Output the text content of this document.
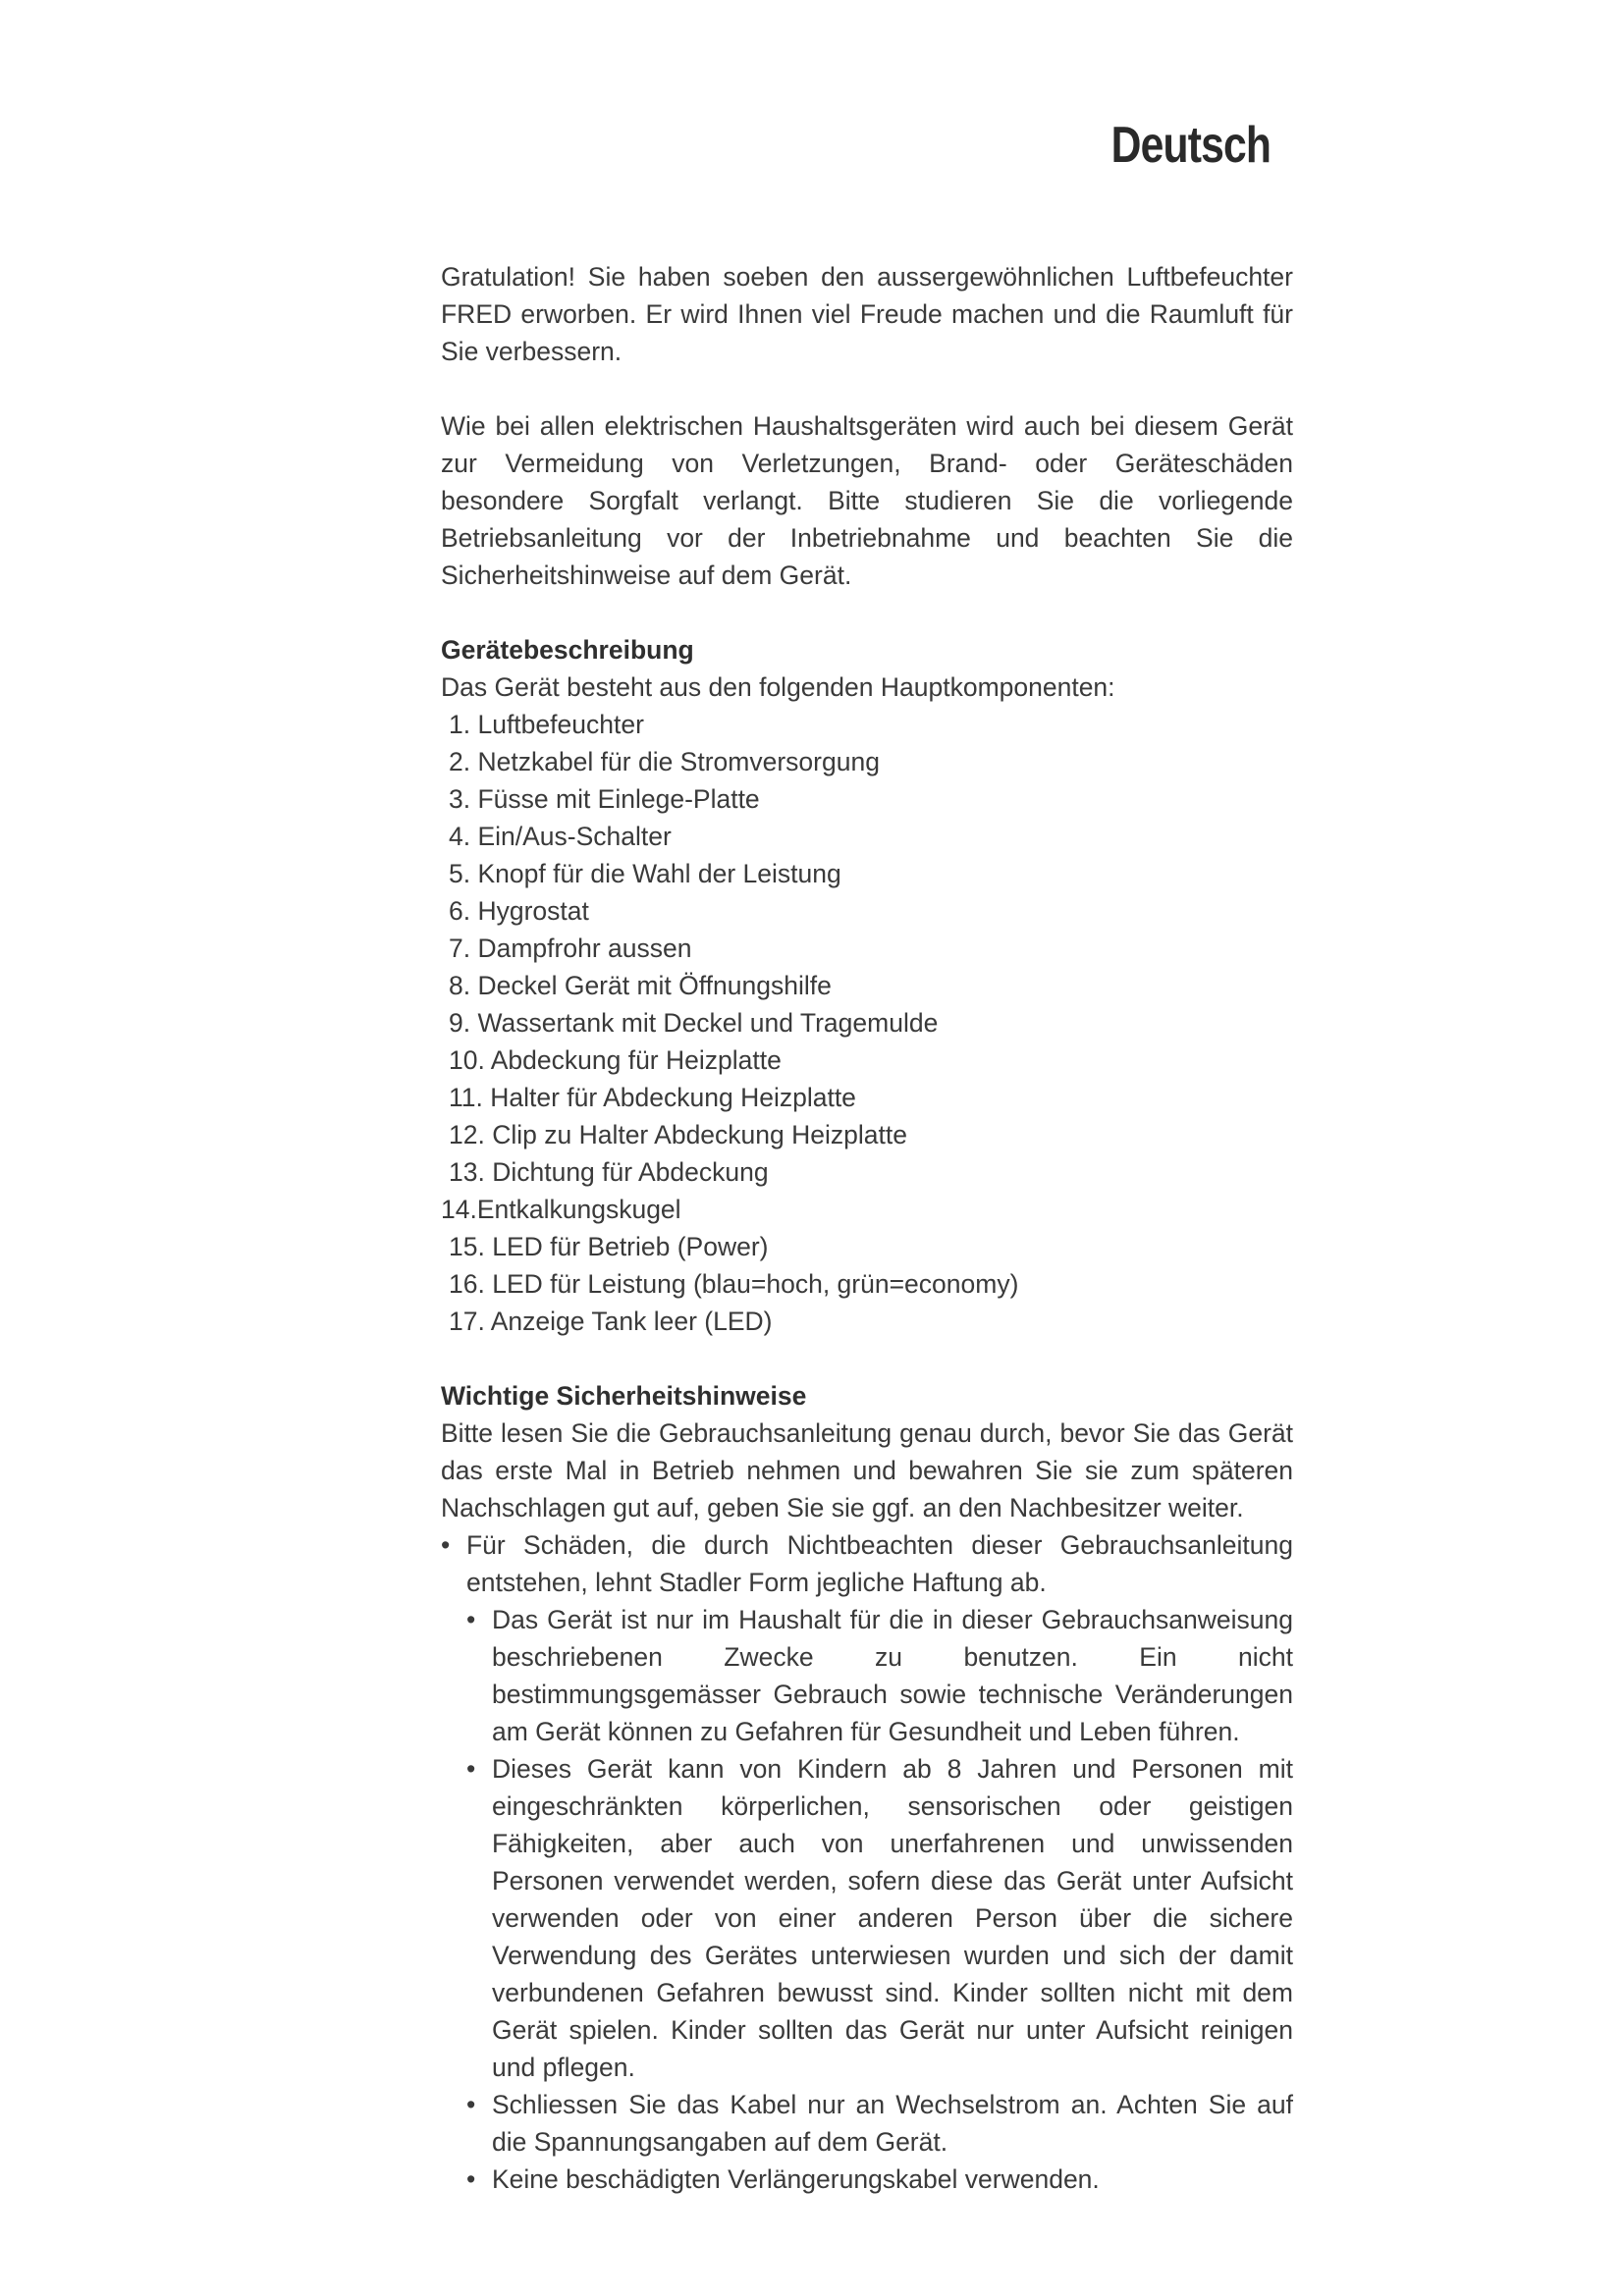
Deutsch

Gratulation! Sie haben soeben den aussergewöhnlichen Luftbefeuchter FRED erworben. Er wird Ihnen viel Freude machen und die Raumluft für Sie verbessern.

Wie bei allen elektrischen Haushaltsgeräten wird auch bei diesem Gerät zur Vermeidung von Verletzungen, Brand- oder Geräteschäden besondere Sorgfalt verlangt. Bitte studieren Sie die vorliegende Betriebsanleitung vor der Inbetriebnahme und beachten Sie die Sicherheitshinweise auf dem Gerät.

Gerätebeschreibung

Das Gerät besteht aus den folgenden Hauptkomponenten:

1. Luftbefeuchter
2. Netzkabel für die Stromversorgung
3. Füsse mit Einlege-Platte
4. Ein/Aus-Schalter
5. Knopf für die Wahl der Leistung
6. Hygrostat
7. Dampfrohr aussen
8. Deckel Gerät mit Öffnungshilfe
9. Wassertank mit Deckel und Tragemulde
10. Abdeckung für Heizplatte
11. Halter für Abdeckung Heizplatte
12. Clip zu Halter Abdeckung Heizplatte
13. Dichtung für Abdeckung
14.Entkalkungskugel
15. LED für Betrieb (Power)
16. LED für Leistung (blau=hoch, grün=economy)
17. Anzeige Tank leer (LED)

Wichtige Sicherheitshinweise

Bitte lesen Sie die Gebrauchsanleitung genau durch, bevor Sie das Gerät das erste Mal in Betrieb nehmen und bewahren Sie sie zum späteren Nachschlagen gut auf, geben Sie sie ggf. an den Nachbesitzer weiter.

• Für Schäden, die durch Nichtbeachten dieser Gebrauchsanleitung entstehen, lehnt Stadler Form jegliche Haftung ab.
• Das Gerät ist nur im Haushalt für die in dieser Gebrauchsanweisung beschriebenen Zwecke zu benutzen. Ein nicht bestimmungsgemässer Gebrauch sowie technische Veränderungen am Gerät können zu Gefahren für Gesundheit und Leben führen.
• Dieses Gerät kann von Kindern ab 8 Jahren und Personen mit eingeschränkten körperlichen, sensorischen oder geistigen Fähigkeiten, aber auch von unerfahrenen und unwissenden Personen verwendet werden, sofern diese das Gerät unter Aufsicht verwenden oder von einer anderen Person über die sichere Verwendung des Gerätes unterwiesen wurden und sich der damit verbundenen Gefahren bewusst sind. Kinder sollten nicht mit dem Gerät spielen. Kinder sollten das Gerät nur unter Aufsicht reinigen und pflegen.
• Schliessen Sie das Kabel nur an Wechselstrom an. Achten Sie auf die Spannungsangaben auf dem Gerät.
• Keine beschädigten Verlängerungskabel verwenden.
